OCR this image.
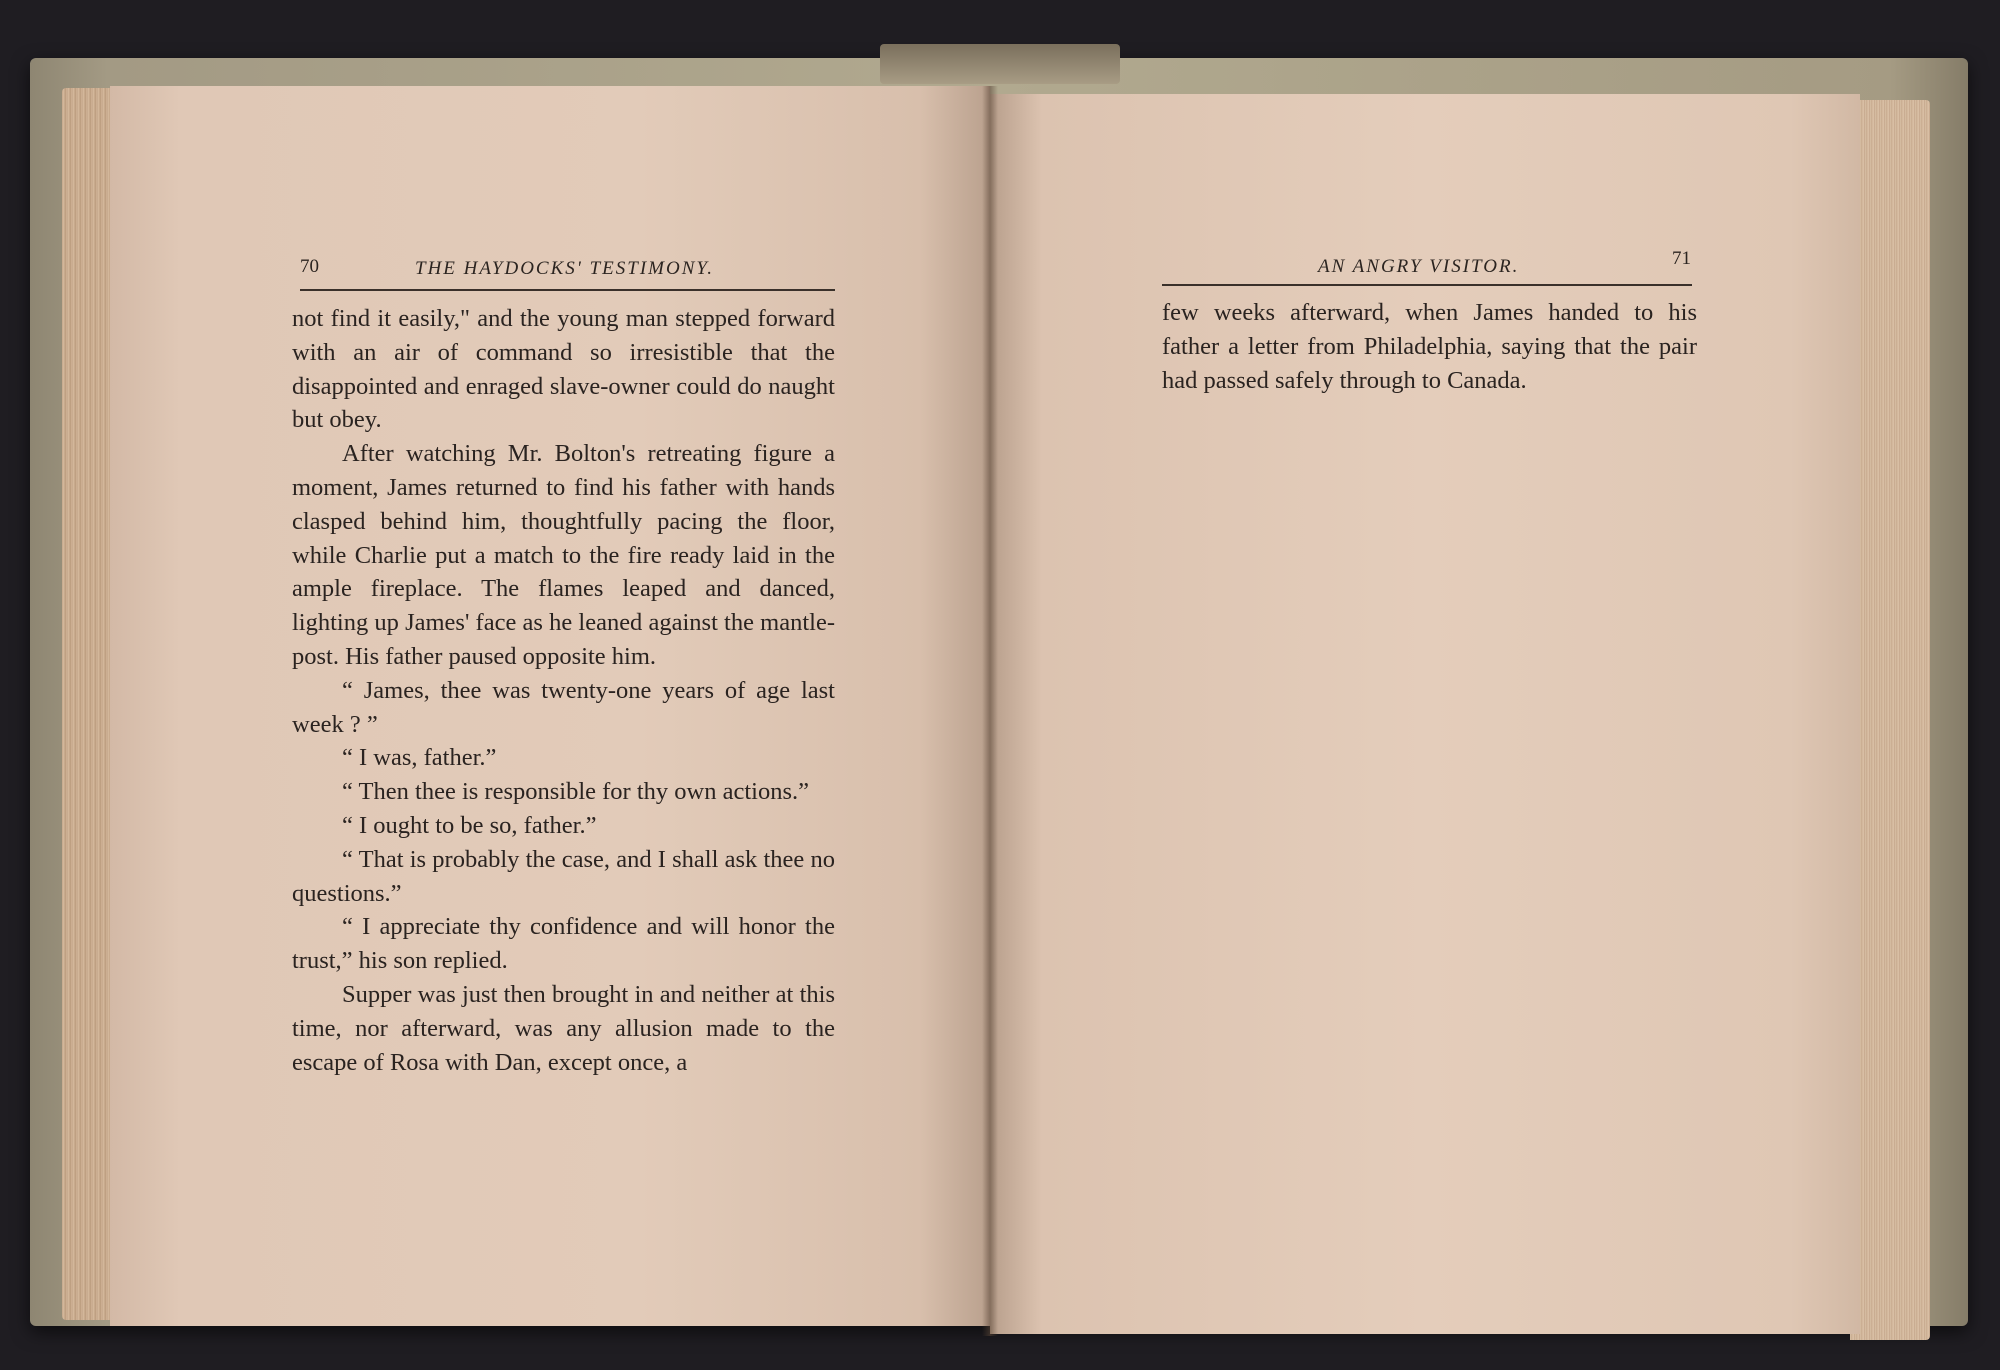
70	THE HAYDOCKS' TESTIMONY.

not find it easily," and the young man stepped forward with an air of command so irresistible that the disappointed and enraged slave-owner could do naught but obey.

After watching Mr. Bolton's retreating figure a moment, James returned to find his father with hands clasped behind him, thoughtfully pacing the floor, while Charlie put a match to the fire ready laid in the ample fireplace. The flames leaped and danced, lighting up James' face as he leaned against the mantle-post. His father paused opposite him.

“ James, thee was twenty-one years of age last week ? ”

“ I was, father.”

“ Then thee is responsible for thy own actions.”

“ I ought to be so, father.”

“ That is probably the case, and I shall ask thee no questions.”

“ I appreciate thy confidence and will honor the trust,” his son replied.

Supper was just then brought in and neither at this time, nor afterward, was any allusion made to the escape of Rosa with Dan, except once, a

AN ANGRY VISITOR.	71

few weeks afterward, when James handed to his father a letter from Philadelphia, saying that the pair had passed safely through to Canada.
